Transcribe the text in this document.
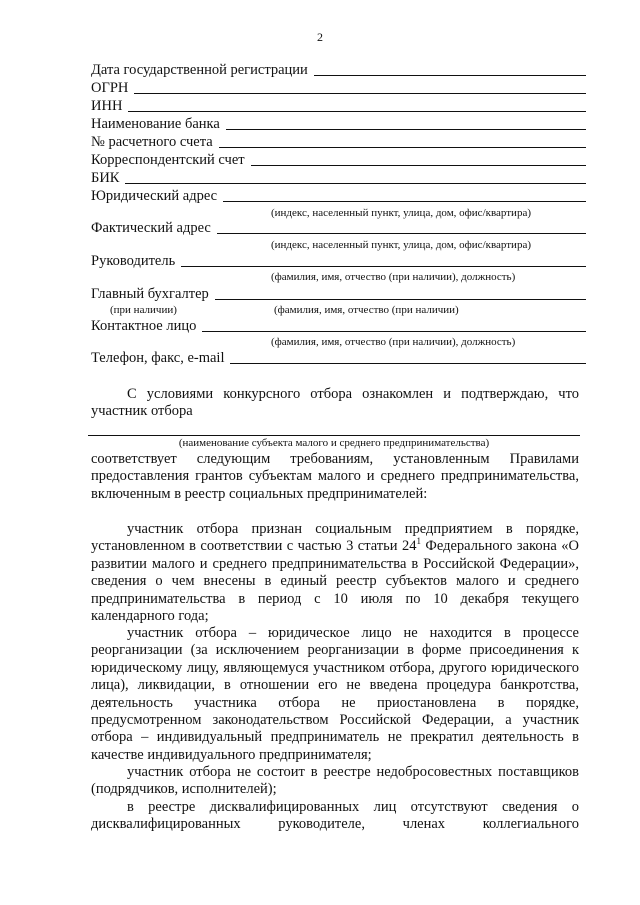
2
Дата государственной регистрации
ОГРН
ИНН
Наименование банка
№ расчетного счета
Корреспондентский счет
БИК
Юридический адрес
(индекс, населенный пункт, улица, дом, офис/квартира)
Фактический адрес
(индекс, населенный пункт, улица, дом, офис/квартира)
Руководитель
(фамилия, имя, отчество (при наличии), должность)
Главный бухгалтер
(при наличии)	(фамилия, имя, отчество (при наличии)
Контактное лицо
(фамилия, имя, отчество (при наличии), должность)
Телефон, факс, e-mail
С условиями конкурсного отбора ознакомлен и подтверждаю, что
участник отбора
(наименование субъекта малого и среднего предпринимательства)
соответствует следующим требованиям, установленным Правилами предоставления грантов субъектам малого и среднего предпринимательства, включенным в реестр социальных предпринимателей:
участник отбора признан социальным предприятием в порядке, установленном в соответствии с частью 3 статьи $24^1$ Федерального закона «О развитии малого и среднего предпринимательства в Российской Федерации», сведения о чем внесены в единый реестр субъектов малого и среднего предпринимательства в период с 10 июля по 10 декабря текущего календарного года;
участник отбора – юридическое лицо не находится в процессе реорганизации (за исключением реорганизации в форме присоединения к юридическому лицу, являющемуся участником отбора, другого юридического лица), ликвидации, в отношении его не введена процедура банкротства, деятельность участника отбора не приостановлена в порядке, предусмотренном законодательством Российской Федерации, а участник отбора – индивидуальный предприниматель не прекратил деятельность в качестве индивидуального предпринимателя;
участник отбора не состоит в реестре недобросовестных поставщиков (подрядчиков, исполнителей);
в реестре дисквалифицированных лиц отсутствуют сведения о дисквалифицированных руководителе, членах коллегиального
